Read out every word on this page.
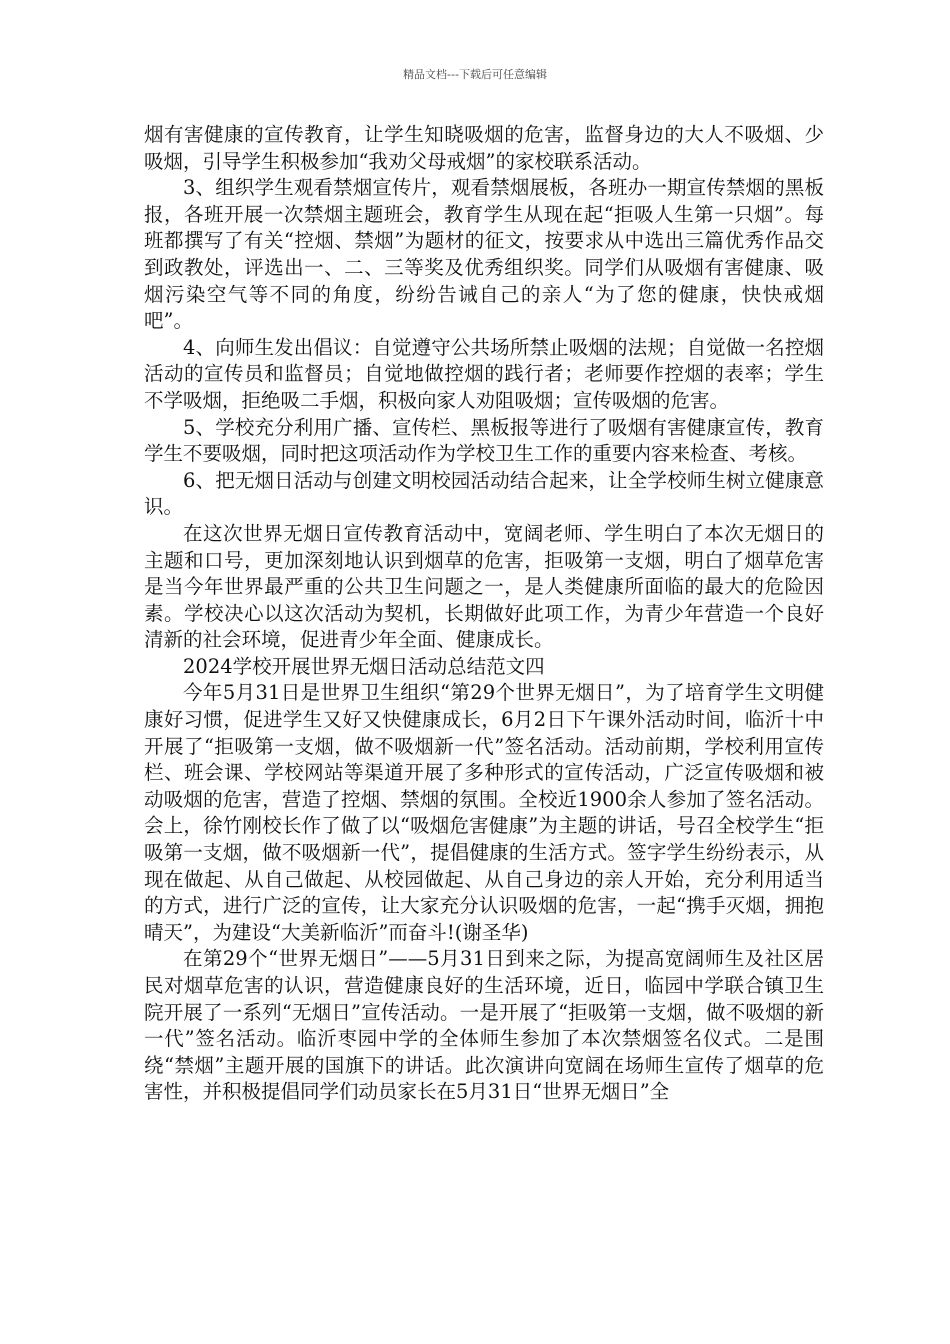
精品文档---下载后可任意编辑

烟有害健康的宣传教育，让学生知晓吸烟的危害，监督身边的大人不吸烟、少吸烟，引导学生积极参加“我劝父母戒烟”的家校联系活动。

3、组织学生观看禁烟宣传片，观看禁烟展板，各班办一期宣传禁烟的黑板报，各班开展一次禁烟主题班会，教育学生从现在起“拒吸人生第一只烟”。每班都撰写了有关“控烟、禁烟”为题材的征文，按要求从中选出三篇优秀作品交到政教处，评选出一、二、三等奖及优秀组织奖。同学们从吸烟有害健康、吸烟污染空气等不同的角度，纷纷告诫自己的亲人“为了您的健康，快快戒烟吧”。

4、向师生发出倡议：自觉遵守公共场所禁止吸烟的法规；自觉做一名控烟活动的宣传员和监督员；自觉地做控烟的践行者；老师要作控烟的表率；学生不学吸烟，拒绝吸二手烟，积极向家人劝阻吸烟；宣传吸烟的危害。

5、学校充分利用广播、宣传栏、黑板报等进行了吸烟有害健康宣传，教育学生不要吸烟，同时把这项活动作为学校卫生工作的重要内容来检查、考核。

6、把无烟日活动与创建文明校园活动结合起来，让全学校师生树立健康意识。

在这次世界无烟日宣传教育活动中，宽阔老师、学生明白了本次无烟日的主题和口号，更加深刻地认识到烟草的危害，拒吸第一支烟，明白了烟草危害是当今年世界最严重的公共卫生问题之一，是人类健康所面临的最大的危险因素。学校决心以这次活动为契机，长期做好此项工作，为青少年营造一个良好清新的社会环境，促进青少年全面、健康成长。

2024学校开展世界无烟日活动总结范文四

今年5月31日是世界卫生组织“第29个世界无烟日”，为了培育学生文明健康好习惯，促进学生又好又快健康成长，6月2日下午课外活动时间，临沂十中开展了“拒吸第一支烟，做不吸烟新一代”签名活动。活动前期，学校利用宣传栏、班会课、学校网站等渠道开展了多种形式的宣传活动，广泛宣传吸烟和被动吸烟的危害，营造了控烟、禁烟的氛围。全校近1900余人参加了签名活动。会上，徐竹刚校长作了做了以“吸烟危害健康”为主题的讲话，号召全校学生“拒吸第一支烟，做不吸烟新一代”，提倡健康的生活方式。签字学生纷纷表示，从现在做起、从自己做起、从校园做起、从自己身边的亲人开始，充分利用适当的方式，进行广泛的宣传，让大家充分认识吸烟的危害，一起“携手灭烟，拥抱晴天”，为建设“大美新临沂”而奋斗!(谢圣华)

在第29个“世界无烟日”——5月31日到来之际，为提高宽阔师生及社区居民对烟草危害的认识，营造健康良好的生活环境，近日，临园中学联合镇卫生院开展了一系列“无烟日”宣传活动。一是开展了“拒吸第一支烟，做不吸烟的新一代”签名活动。临沂枣园中学的全体师生参加了本次禁烟签名仪式。二是围绕“禁烟”主题开展的国旗下的讲话。此次演讲向宽阔在场师生宣传了烟草的危害性，并积极提倡同学们动员家长在5月31日“世界无烟日”全
